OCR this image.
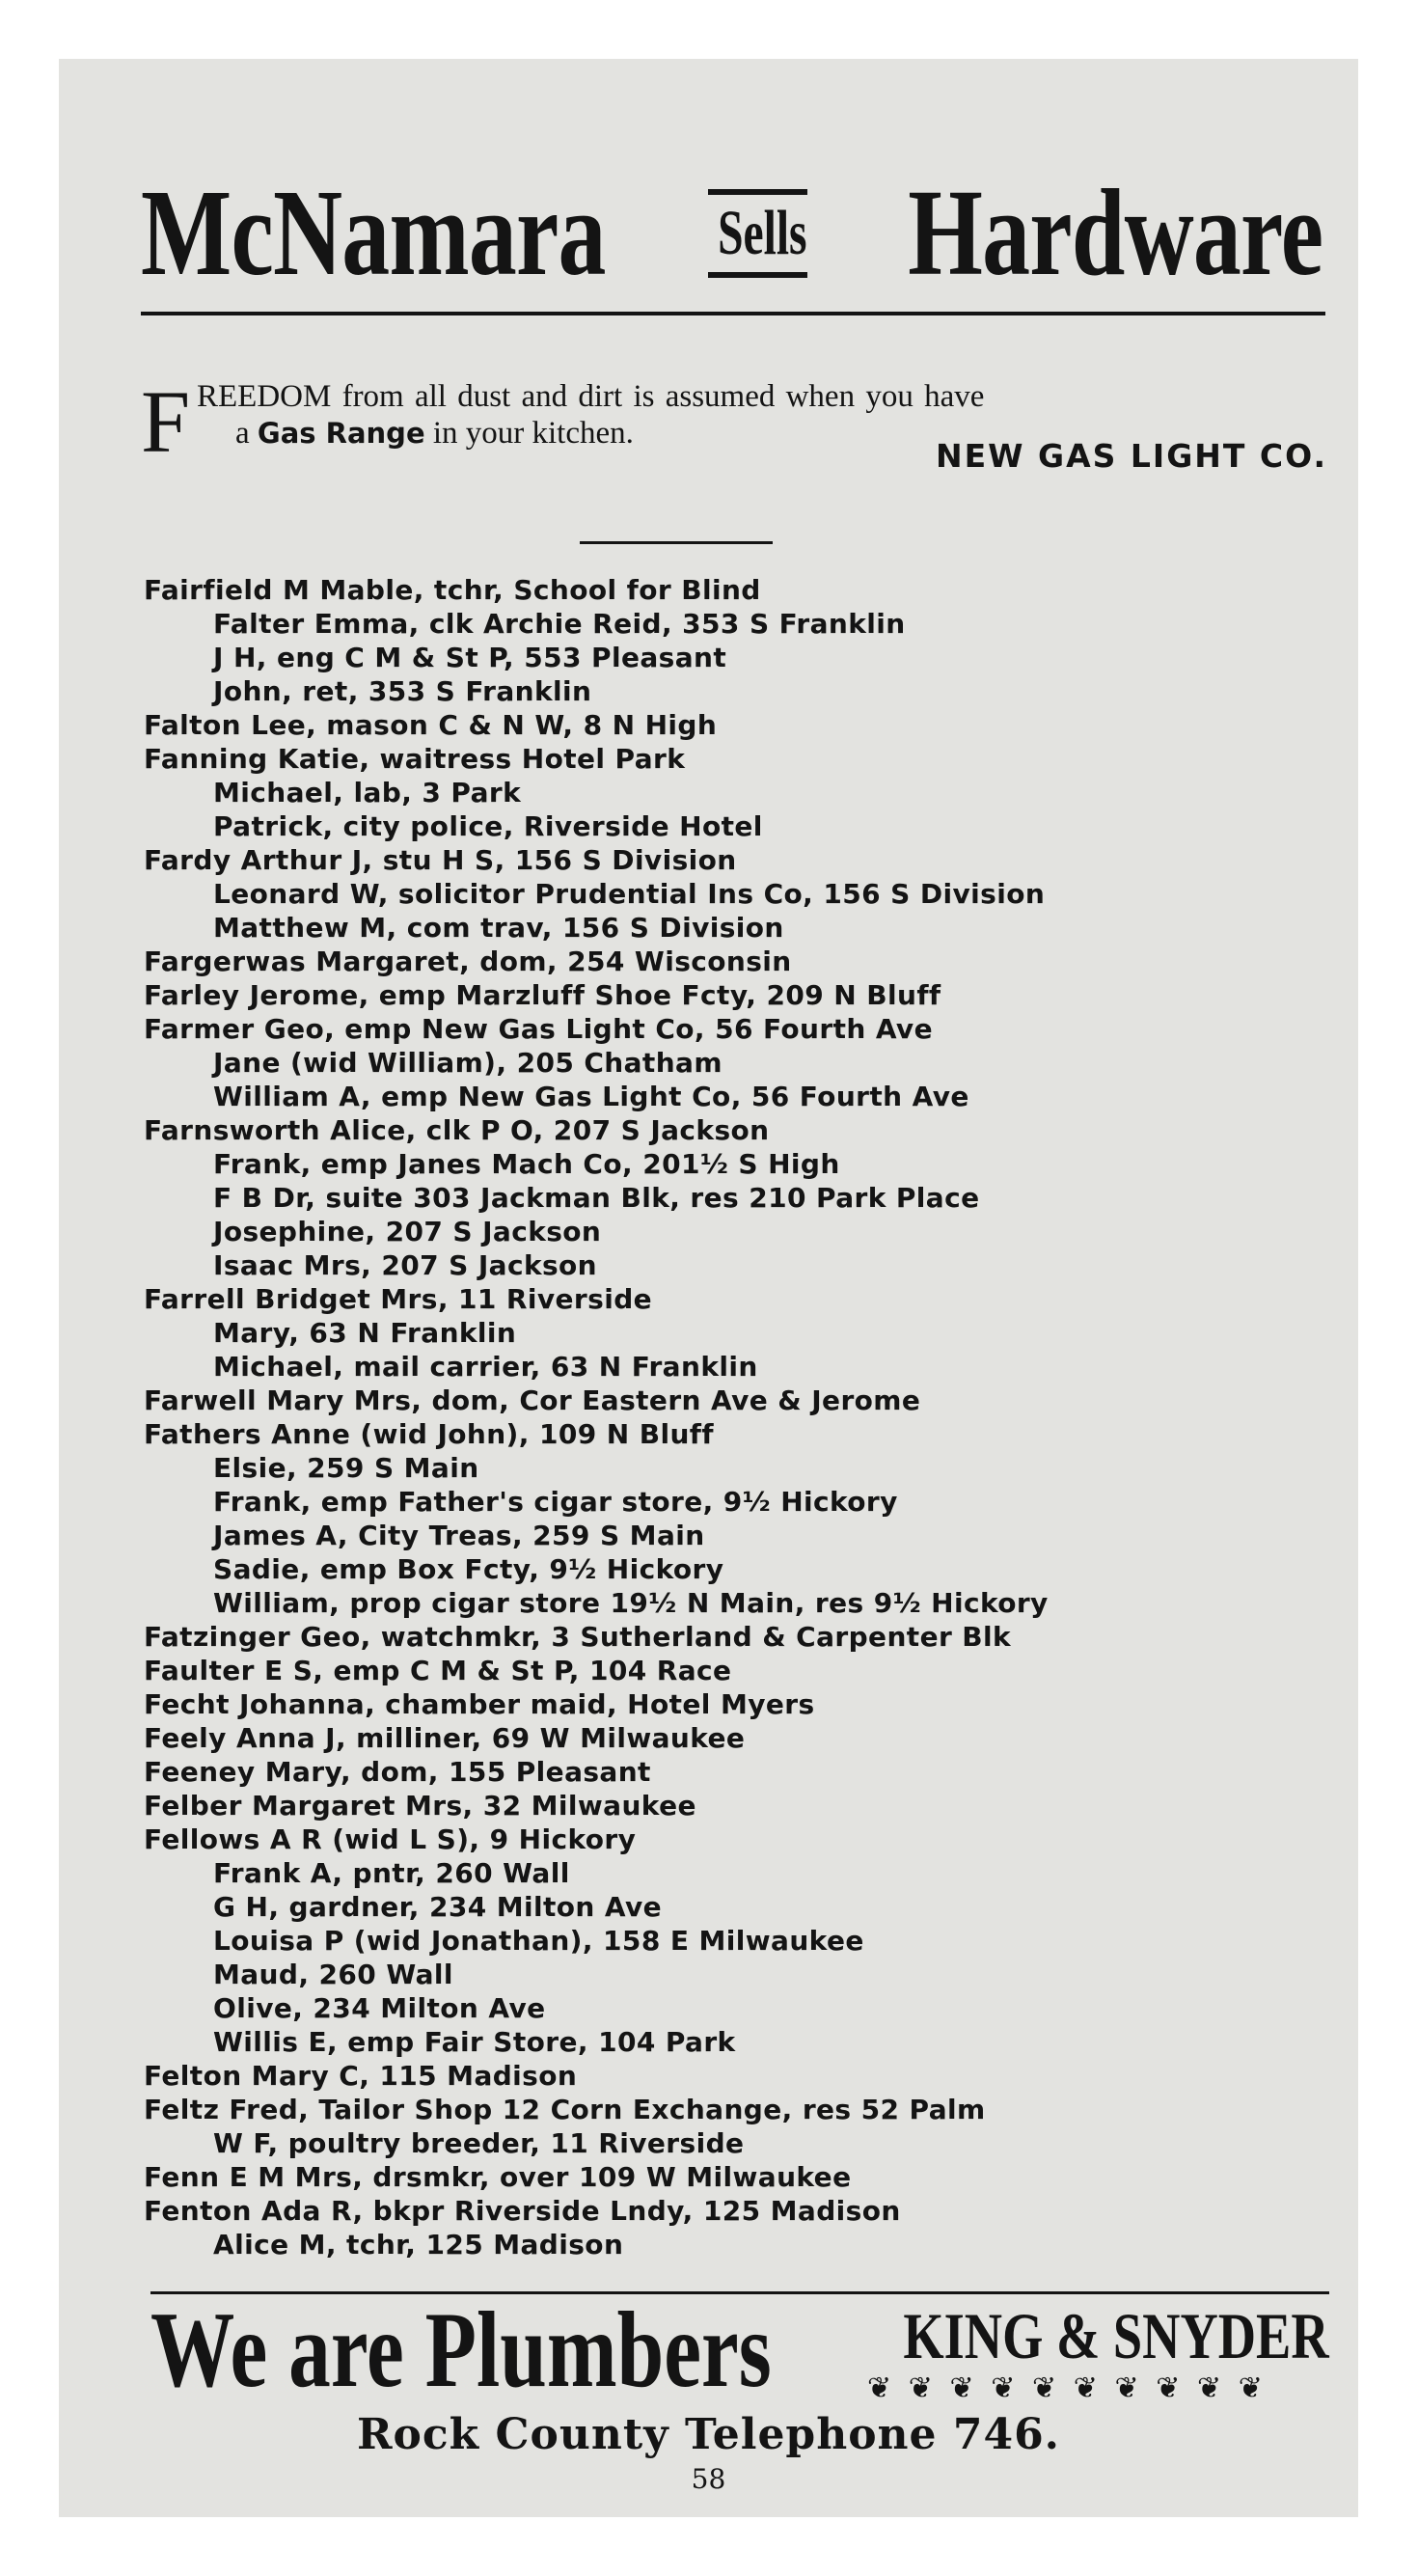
McNamara Sells Hardware
F REEDOM from all dust and dirt is assumed when you have
a Gas Range in your kitchen.
NEW GAS LIGHT CO.
Fairfield M Mable, tchr, School for Blind
Falter Emma, clk Archie Reid, 353 S Franklin
J H, eng C M & St P, 553 Pleasant
John, ret, 353 S Franklin
Falton Lee, mason C & N W, 8 N High
Fanning Katie, waitress Hotel Park
Michael, lab, 3 Park
Patrick, city police, Riverside Hotel
Fardy Arthur J, stu H S, 156 S Division
Leonard W, solicitor Prudential Ins Co, 156 S Division
Matthew M, com trav, 156 S Division
Fargerwas Margaret, dom, 254 Wisconsin
Farley Jerome, emp Marzluff Shoe Fcty, 209 N Bluff
Farmer Geo, emp New Gas Light Co, 56 Fourth Ave
Jane (wid William), 205 Chatham
William A, emp New Gas Light Co, 56 Fourth Ave
Farnsworth Alice, clk P O, 207 S Jackson
Frank, emp Janes Mach Co, 201½ S High
F B Dr, suite 303 Jackman Blk, res 210 Park Place
Josephine, 207 S Jackson
Isaac Mrs, 207 S Jackson
Farrell Bridget Mrs, 11 Riverside
Mary, 63 N Franklin
Michael, mail carrier, 63 N Franklin
Farwell Mary Mrs, dom, Cor Eastern Ave & Jerome
Fathers Anne (wid John), 109 N Bluff
Elsie, 259 S Main
Frank, emp Father's cigar store, 9½ Hickory
James A, City Treas, 259 S Main
Sadie, emp Box Fcty, 9½ Hickory
William, prop cigar store 19½ N Main, res 9½ Hickory
Fatzinger Geo, watchmkr, 3 Sutherland & Carpenter Blk
Faulter E S, emp C M & St P, 104 Race
Fecht Johanna, chamber maid, Hotel Myers
Feely Anna J, milliner, 69 W Milwaukee
Feeney Mary, dom, 155 Pleasant
Felber Margaret Mrs, 32 Milwaukee
Fellows A R (wid L S), 9 Hickory
Frank A, pntr, 260 Wall
G H, gardner, 234 Milton Ave
Louisa P (wid Jonathan), 158 E Milwaukee
Maud, 260 Wall
Olive, 234 Milton Ave
Willis E, emp Fair Store, 104 Park
Felton Mary C, 115 Madison
Feltz Fred, Tailor Shop 12 Corn Exchange, res 52 Palm
W F, poultry breeder, 11 Riverside
Fenn E M Mrs, drsmkr, over 109 W Milwaukee
Fenton Ada R, bkpr Riverside Lndy, 125 Madison
Alice M, tchr, 125 Madison
We are Plumbers KING & SNYDER
❦ ❦ ❦ ❦ ❦ ❦ ❦ ❦ ❦ ❦
Rock County Telephone 746.
58
